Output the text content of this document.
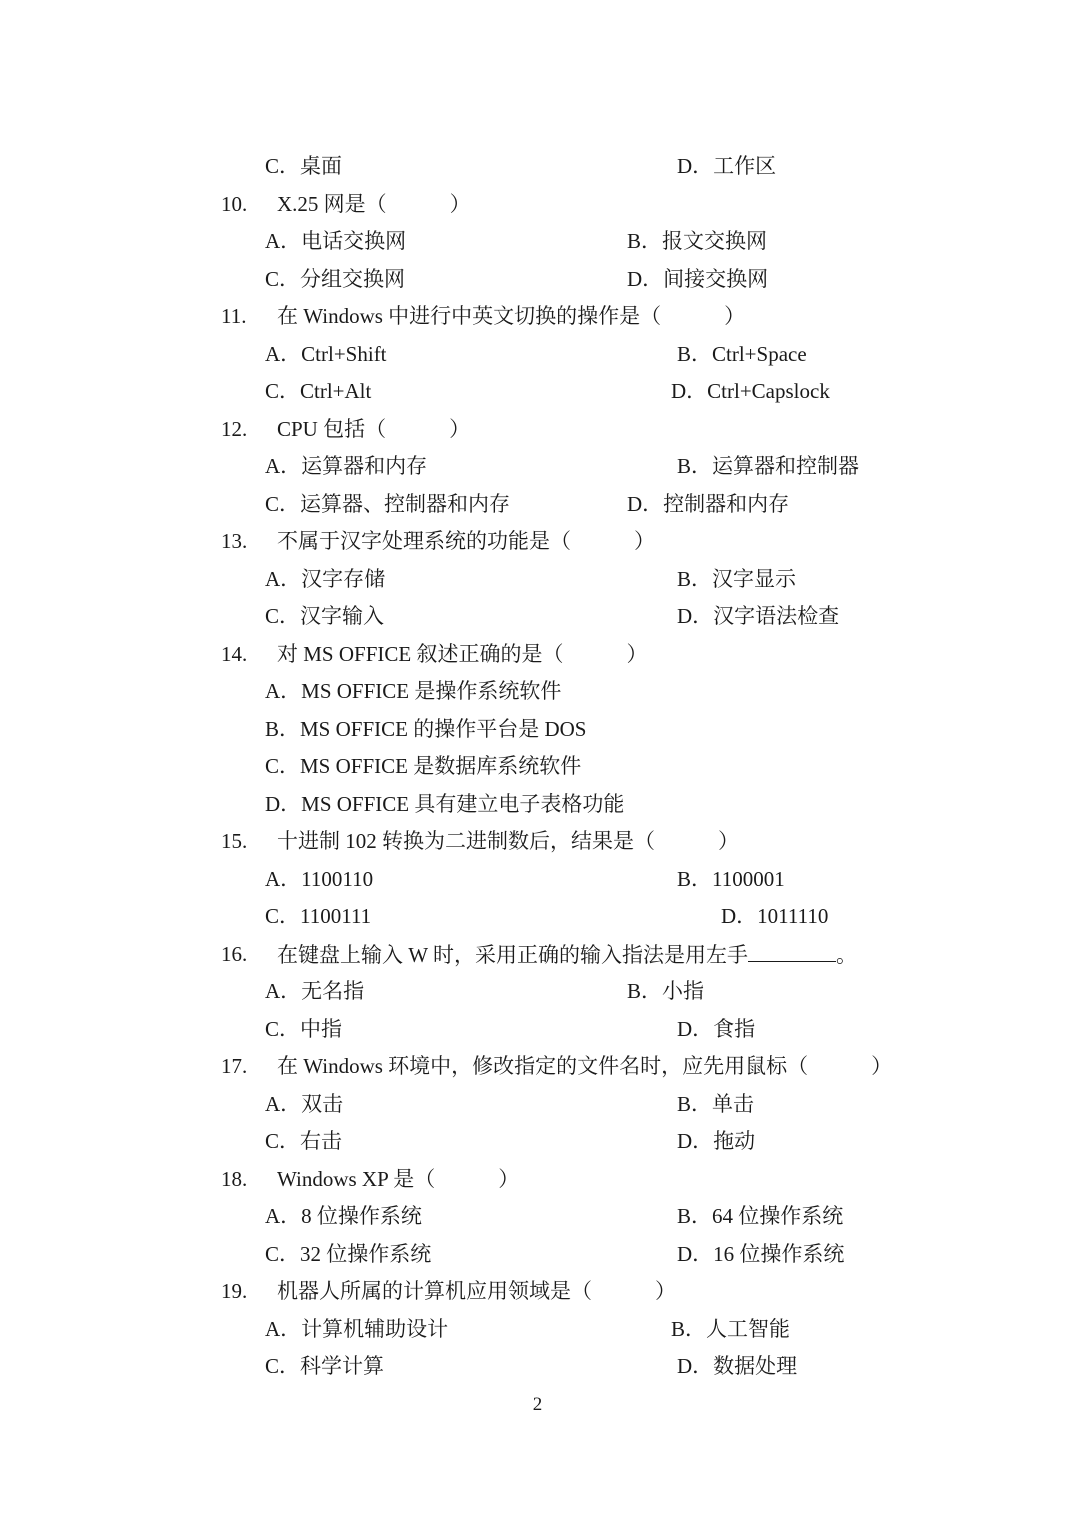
C．桌面	D．工作区
10. X.25 网是（　　　）
A．电话交换网	B．报文交换网
C．分组交换网	D．间接交换网
11. 在 Windows 中进行中英文切换的操作是（　　　）
A．Ctrl+Shift	B．Ctrl+Space
C．Ctrl+Alt	D．Ctrl+Capslock
12. CPU 包括（　　　）
A．运算器和内存	B．运算器和控制器
C．运算器、控制器和内存	D．控制器和内存
13. 不属于汉字处理系统的功能是（　　　）
A．汉字存储	B．汉字显示
C．汉字输入	D．汉字语法检查
14. 对 MS OFFICE 叙述正确的是（　　　）
A．MS OFFICE 是操作系统软件
B．MS OFFICE 的操作平台是 DOS
C．MS OFFICE 是数据库系统软件
D．MS OFFICE 具有建立电子表格功能
15. 十进制 102 转换为二进制数后，结果是（　　　）
A．1100110	B．1100001
C．1100111	D．1011110
16. 在键盘上输入 W 时，采用正确的输入指法是用左手	。
A．无名指	B．小指
C．中指	D．食指
17. 在 Windows 环境中，修改指定的文件名时，应先用鼠标（　　　）
A．双击	B．单击
C．右击	D．拖动
18. Windows XP 是（　　　）
A．8 位操作系统	B．64 位操作系统
C．32 位操作系统	D．16 位操作系统
19. 机器人所属的计算机应用领域是（　　　）
A．计算机辅助设计	B．人工智能
C．科学计算	D．数据处理
2
